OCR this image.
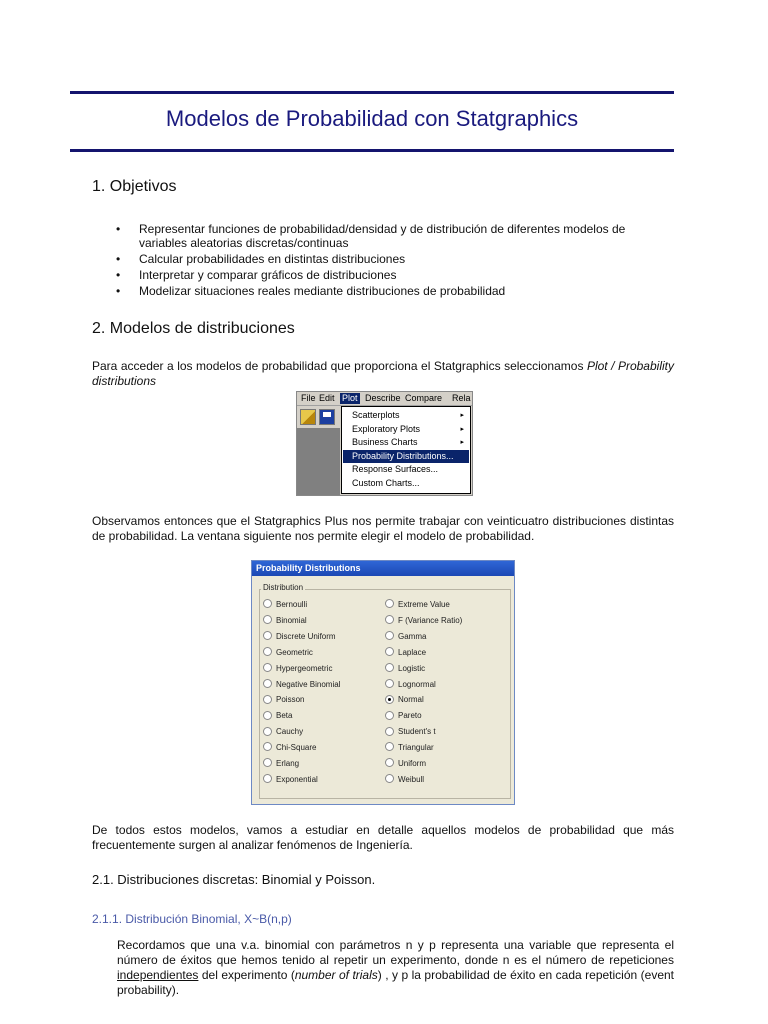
Modelos de Probabilidad con Statgraphics
1. Objetivos
• Representar funciones de probabilidad/densidad y de distribución de diferentes modelos de variables aleatorias discretas/continuas
• Calcular probabilidades en distintas distribuciones
• Interpretar y comparar gráficos de distribuciones
• Modelizar situaciones reales mediante distribuciones de probabilidad
2. Modelos de distribuciones
Para acceder a los modelos de probabilidad que proporciona el Statgraphics seleccionamos Plot / Probability distributions
File Edit Plot Describe Compare Rela
Scatterplots	▸
Exploratory Plots	▸
Business Charts	▸
Probability Distributions...
Response Surfaces...
Custom Charts...
Observamos entonces que el Statgraphics Plus nos permite trabajar con veinticuatro distribuciones distintas de probabilidad. La ventana siguiente nos permite elegir el modelo de probabilidad.
Probability Distributions
Distribution
Bernoulli
Binomial
Discrete Uniform
Geometric
Hypergeometric
Negative Binomial
Poisson
Beta
Cauchy
Chi-Square
Erlang
Exponential
Extreme Value
F (Variance Ratio)
Gamma
Laplace
Logistic
Lognormal
Normal
Pareto
Student's t
Triangular
Uniform
Weibull
De todos estos modelos, vamos a estudiar en detalle aquellos modelos de probabilidad que más frecuentemente surgen al analizar fenómenos de Ingeniería.
2.1. Distribuciones discretas: Binomial y Poisson.
2.1.1. Distribución Binomial, X~B(n,p)
Recordamos que una v.a. binomial con parámetros n y p representa una variable que representa el número de éxitos que hemos tenido al repetir un experimento, donde n es el número de repeticiones independientes del experimento (number of trials) , y p la probabilidad de éxito en cada repetición (event probability).
